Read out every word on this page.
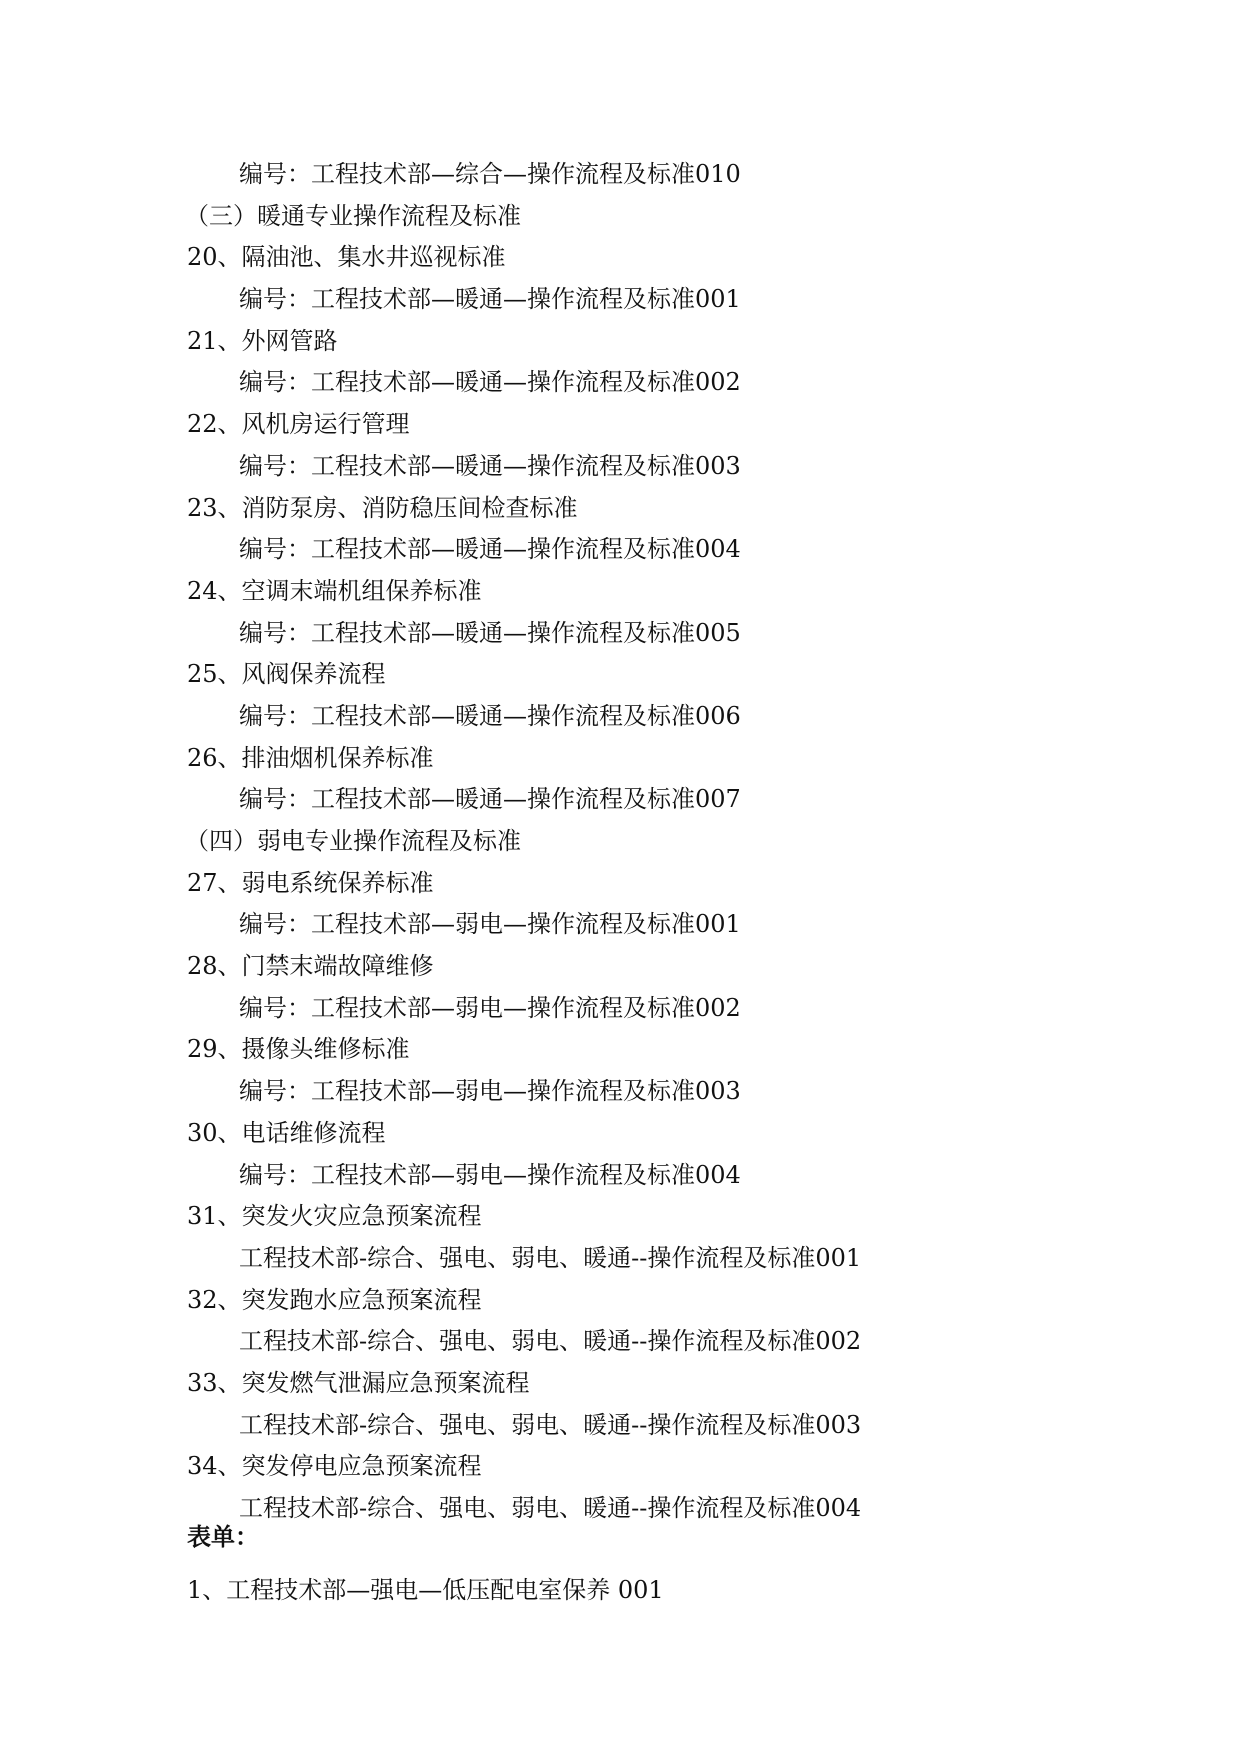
编号：工程技术部—综合—操作流程及标准010
（三）暖通专业操作流程及标准
20、隔油池、集水井巡视标准
编号：工程技术部—暖通—操作流程及标准001
21、外网管路
编号：工程技术部—暖通—操作流程及标准002
22、风机房运行管理
编号：工程技术部—暖通—操作流程及标准003
23、消防泵房、消防稳压间检查标准
编号：工程技术部—暖通—操作流程及标准004
24、空调末端机组保养标准
编号：工程技术部—暖通—操作流程及标准005
25、风阀保养流程
编号：工程技术部—暖通—操作流程及标准006
26、排油烟机保养标准
编号：工程技术部—暖通—操作流程及标准007
（四）弱电专业操作流程及标准
27、弱电系统保养标准
编号：工程技术部—弱电—操作流程及标准001
28、门禁末端故障维修
编号：工程技术部—弱电—操作流程及标准002
29、摄像头维修标准
编号：工程技术部—弱电—操作流程及标准003
30、电话维修流程
编号：工程技术部—弱电—操作流程及标准004
31、突发火灾应急预案流程
工程技术部-综合、强电、弱电、暖通--操作流程及标准001
32、突发跑水应急预案流程
工程技术部-综合、强电、弱电、暖通--操作流程及标准002
33、突发燃气泄漏应急预案流程
工程技术部-综合、强电、弱电、暖通--操作流程及标准003
34、突发停电应急预案流程
工程技术部-综合、强电、弱电、暖通--操作流程及标准004
表单：
1、工程技术部—强电—低压配电室保养 001
